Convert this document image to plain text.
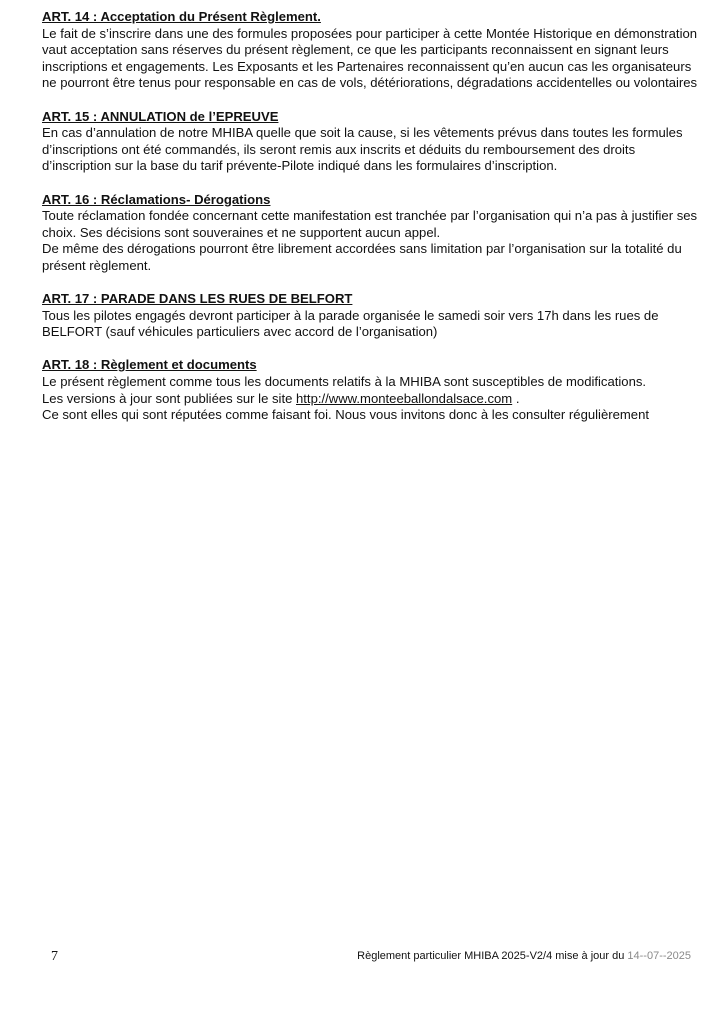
ART. 14 : Acceptation du Présent Règlement.
Le fait de s’inscrire dans une des formules proposées pour participer à cette Montée Historique en démonstration vaut acceptation sans réserves du présent règlement, ce que les participants reconnaissent en signant leurs inscriptions et engagements. Les Exposants et les Partenaires reconnaissent qu’en aucun cas les organisateurs ne pourront être tenus pour responsable en cas de vols, détériorations, dégradations accidentelles ou volontaires
ART. 15 : ANNULATION de l’EPREUVE
En cas d’annulation de notre MHIBA quelle que soit la cause, si les vêtements prévus dans toutes les formules d’inscriptions ont été commandés, ils seront remis aux inscrits et déduits du remboursement des droits d’inscription sur la base du tarif prévente-Pilote indiqué dans les formulaires d’inscription.
ART. 16 : Réclamations- Dérogations
Toute réclamation fondée concernant cette manifestation est tranchée par l’organisation qui n’a pas à justifier ses choix. Ses décisions sont souveraines et ne supportent aucun appel.
De même des dérogations pourront être librement accordées sans limitation par l’organisation sur la totalité du présent règlement.
ART. 17 : PARADE DANS LES RUES DE BELFORT
Tous les pilotes engagés devront participer à la parade organisée le samedi soir vers 17h dans les rues de BELFORT (sauf véhicules particuliers avec accord de l’organisation)
ART. 18 : Règlement et documents
Le présent règlement comme tous les documents relatifs à la MHIBA sont susceptibles de modifications.
Les versions à jour sont publiées sur le site http://www.monteeballondalsace.com .
Ce sont elles qui sont réputées comme faisant foi. Nous vous invitons donc à les consulter régulièrement
7	Règlement particulier MHIBA 2025-V2/4 mise à jour du 14--07--2025
